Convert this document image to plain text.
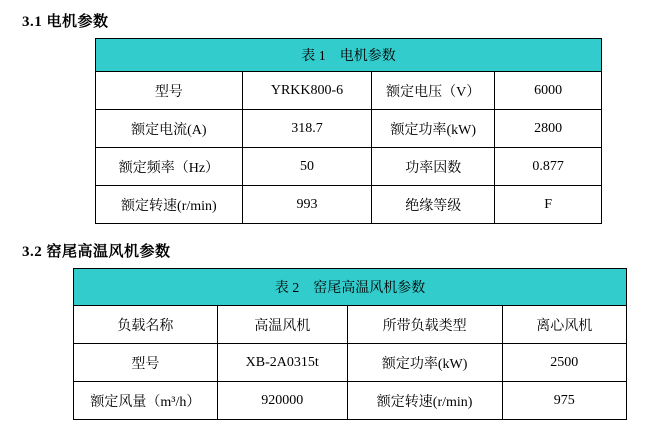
3.1 电机参数
表 1　电机参数			
型号	YRKK800-6	额定电压（V）	6000
额定电流(A)	318.7	额定功率(kW)	2800
额定频率（Hz）	50	功率因数	0.877
额定转速(r/min)	993	绝缘等级	F
3.2 窑尾高温风机参数
表 2　窑尾高温风机参数			
负载名称	高温风机	所带负载类型	离心风机
型号	XB-2A0315t	额定功率(kW)	2500
额定风量（m³/h）	920000	额定转速(r/min)	975
